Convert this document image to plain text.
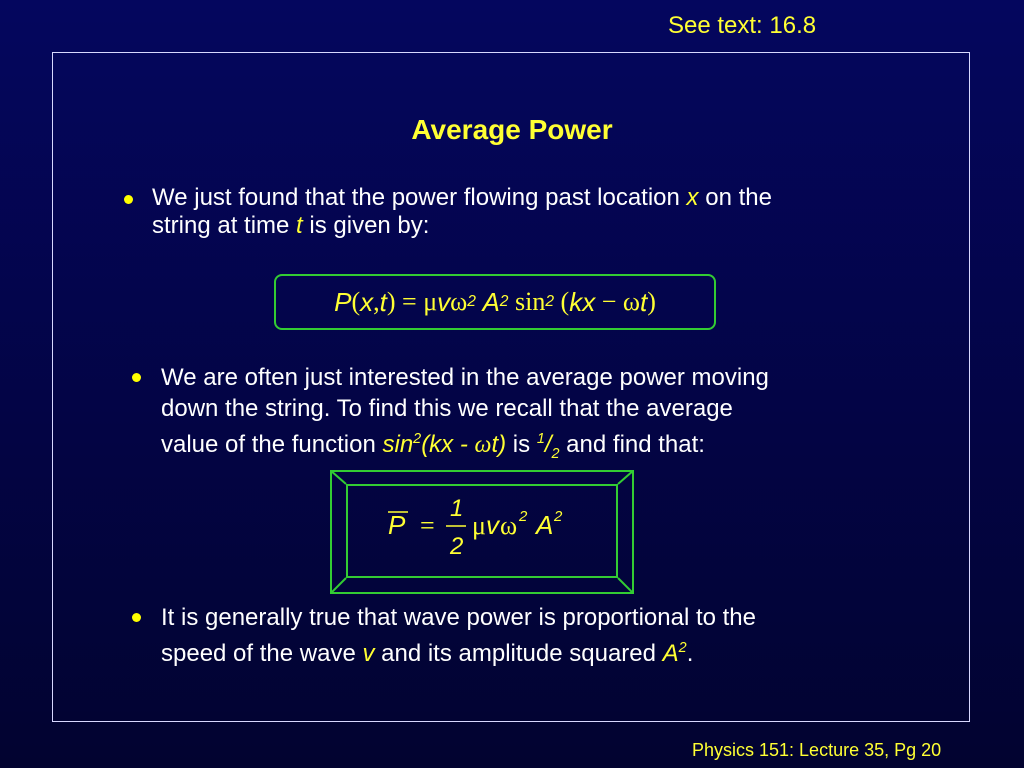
See text: 16.8
Average Power
We just found that the power flowing past location x on the
string at time t is given by:
P ( x , t )
=
μ v ω 2
A 2
sin 2
( kx
−
ω t )
We are often just interested in the average power moving
down the string. To find this we recall that the average
value of the function $\sin^2(kx - \omega t)$ is $^1/_2$ and find that:
P =
1
2
μ v ω 2 A 2
It is generally true that wave power is proportional to the
speed of the wave v and its amplitude squared $A^2$.
Physics 151: Lecture 35, Pg 20
